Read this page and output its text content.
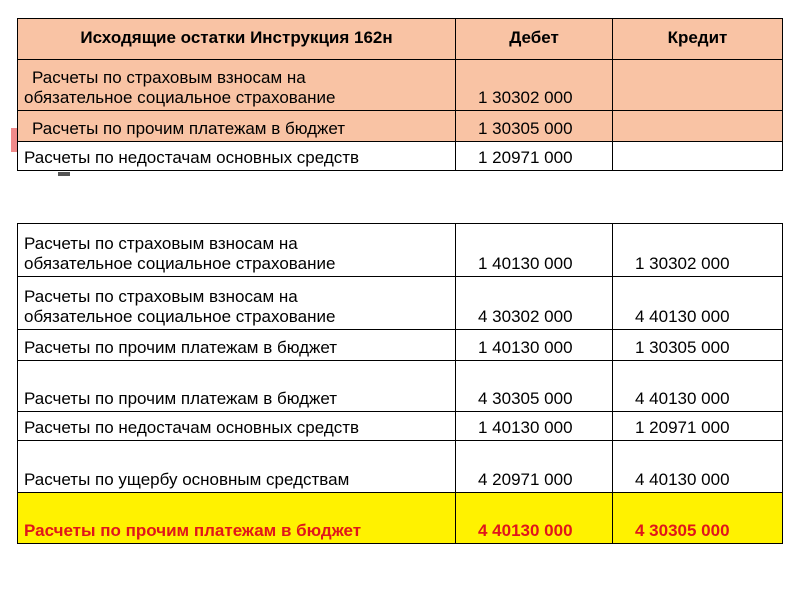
Исходящие остатки Инструкция 162н	Дебет	Кредит

Расчеты по страховым взносам на
обязательное социальное страхование	1 30302 000	

Расчеты по прочим платежам в бюджет	1 30305 000	
Расчеты по недостачам основных средств	1 20971 000	
Расчеты по страховым взносам на
обязательное социальное страхование	1 40130 000	1 30302 000

Расчеты по страховым взносам на
обязательное социальное страхование	4 30302 000	4 40130 000
Расчеты по прочим платежам в бюджет	1 40130 000	1 30305 000
Расчеты по прочим платежам в бюджет	4 30305 000	4 40130 000
Расчеты по недостачам основных средств	1 40130 000	1 20971 000
Расчеты по ущербу основным средствам	4 20971 000	4 40130 000
Расчеты по прочим платежам в бюджет	4 40130 000	4 30305 000
